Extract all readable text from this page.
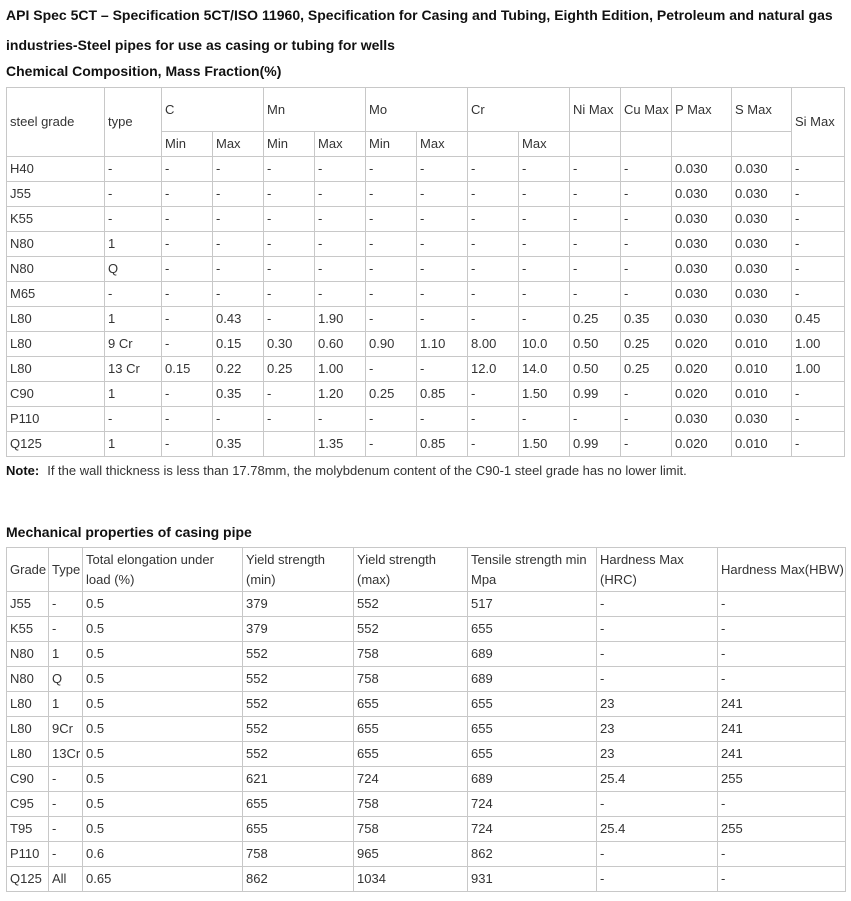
API Spec 5CT – Specification 5CT/ISO 11960, Specification for Casing and Tubing, Eighth Edition, Petroleum and natural gas industries-Steel pipes for use as casing or tubing for wells
Chemical Composition, Mass Fraction(%)
steel grade	type	C		Mn		Mo		Cr		Ni Max	Cu Max	P Max	S Max	Si Max
		Min	Max	Min	Max	Min	Max		Max					
H40	-	-	-	-	-	-	-	-	-	-	-	0.030	0.030	-
J55	-	-	-	-	-	-	-	-	-	-	-	0.030	0.030	-
K55	-	-	-	-	-	-	-	-	-	-	-	0.030	0.030	-
N80	1	-	-	-	-	-	-	-	-	-	-	0.030	0.030	-
N80	Q	-	-	-	-	-	-	-	-	-	-	0.030	0.030	-
M65	-	-	-	-	-	-	-	-	-	-	-	0.030	0.030	-
L80	1	-	0.43	-	1.90	-	-	-	-	0.25	0.35	0.030	0.030	0.45
L80	9 Cr	-	0.15	0.30	0.60	0.90	1.10	8.00	10.0	0.50	0.25	0.020	0.010	1.00
L80	13 Cr	0.15	0.22	0.25	1.00	-	-	12.0	14.0	0.50	0.25	0.020	0.010	1.00
C90	1	-	0.35	-	1.20	0.25	0.85	-	1.50	0.99	-	0.020	0.010	-
P110	-	-	-	-	-	-	-	-	-	-	-	0.030	0.030	-
Q125	1	-	0.35		1.35	-	0.85	-	1.50	0.99	-	0.020	0.010	-
Note: If the wall thickness is less than 17.78mm, the molybdenum content of the C90-1 steel grade has no lower limit.
Mechanical properties of casing pipe
Grade	Type	Total elongation under load (%)	Yield strength (min)	Yield strength (max)	Tensile strength min Mpa	Hardness Max (HRC)	Hardness Max(HBW)
J55	-	0.5	379	552	517	-	-
K55	-	0.5	379	552	655	-	-
N80	1	0.5	552	758	689	-	-
N80	Q	0.5	552	758	689	-	-
L80	1	0.5	552	655	655	23	241
L80	9Cr	0.5	552	655	655	23	241
L80	13Cr	0.5	552	655	655	23	241
C90	-	0.5	621	724	689	25.4	255
C95	-	0.5	655	758	724	-	-
T95	-	0.5	655	758	724	25.4	255
P110	-	0.6	758	965	862	-	-
Q125	All	0.65	862	1034	931	-	-
